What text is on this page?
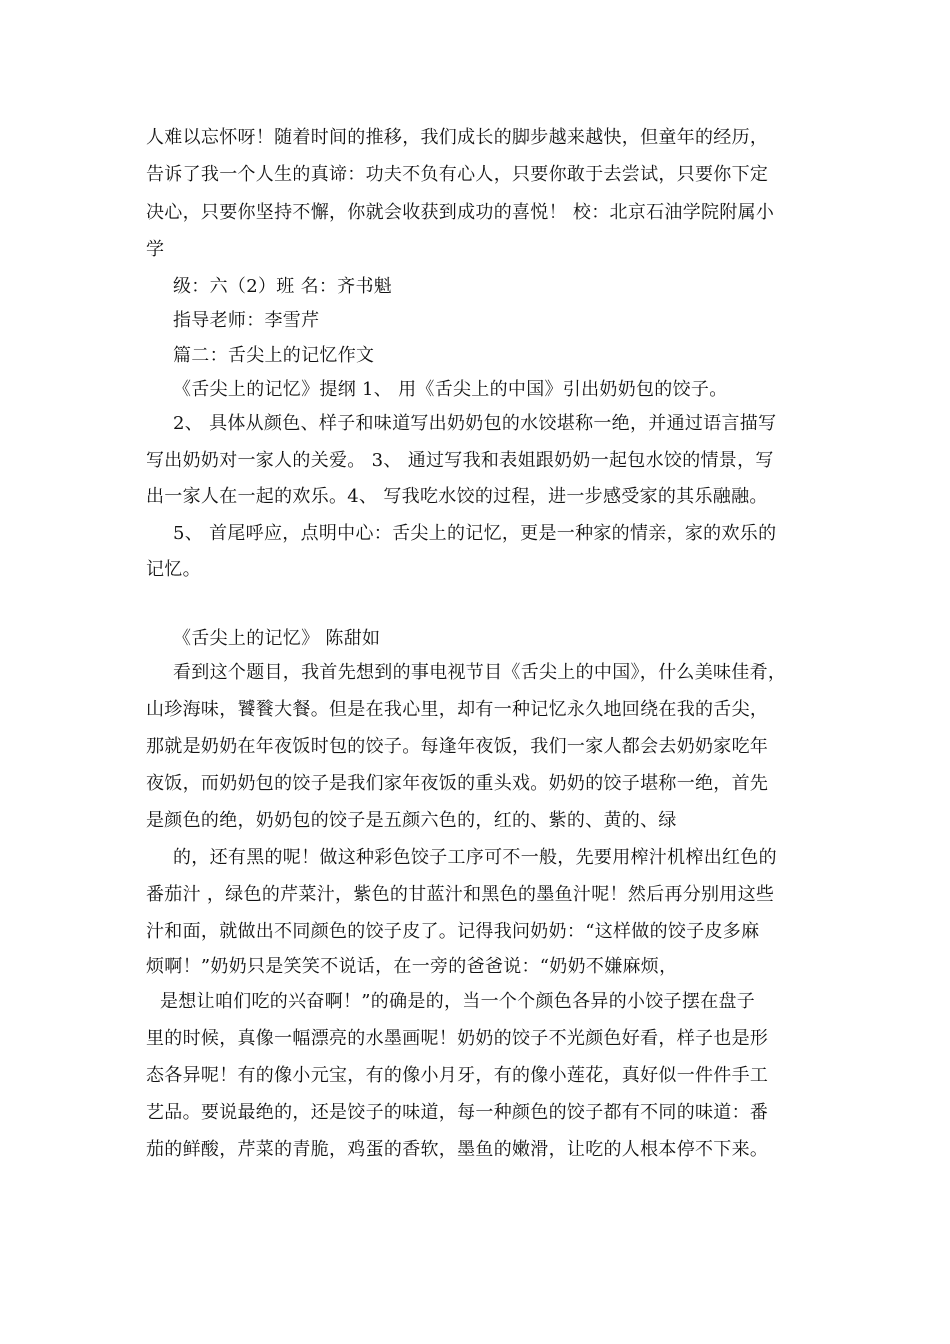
人难以忘怀呀！随着时间的推移，我们成长的脚步越来越快，但童年的经历，
告诉了我一个人生的真谛：功夫不负有心人，只要你敢于去尝试，只要你下定
决心，只要你坚持不懈，你就会收获到成功的喜悦！ 校：北京石油学院附属小
学
级：六（2）班 名：齐书魁
指导老师：李雪芹
篇二：舌尖上的记忆作文
《舌尖上的记忆》提纲 1、 用《舌尖上的中国》引出奶奶包的饺子。
2、 具体从颜色、样子和味道写出奶奶包的水饺堪称一绝，并通过语言描写
写出奶奶对一家人的关爱。 3、 通过写我和表姐跟奶奶一起包水饺的情景，写
出一家人在一起的欢乐。4、 写我吃水饺的过程，进一步感受家的其乐融融。
5、 首尾呼应，点明中心：舌尖上的记忆，更是一种家的情亲，家的欢乐的
记忆。
《舌尖上的记忆》 陈甜如
看到这个题目，我首先想到的事电视节目《舌尖上的中国》，什么美味佳肴，
山珍海味，饕餮大餐。但是在我心里，却有一种记忆永久地回绕在我的舌尖，
那就是奶奶在年夜饭时包的饺子。每逢年夜饭，我们一家人都会去奶奶家吃年
夜饭，而奶奶包的饺子是我们家年夜饭的重头戏。奶奶的饺子堪称一绝，首先
是颜色的绝，奶奶包的饺子是五颜六色的，红的、紫的、黄的、绿
的，还有黑的呢！做这种彩色饺子工序可不一般，先要用榨汁机榨出红色的
番茄汁 ，绿色的芹菜汁，紫色的甘蓝汁和黑色的墨鱼汁呢！然后再分别用这些
汁和面，就做出不同颜色的饺子皮了。记得我问奶奶：“这样做的饺子皮多麻
烦啊！”奶奶只是笑笑不说话，在一旁的爸爸说：“奶奶不嫌麻烦，
是想让咱们吃的兴奋啊！”的确是的，当一个个颜色各异的小饺子摆在盘子
里的时候，真像一幅漂亮的水墨画呢！奶奶的饺子不光颜色好看，样子也是形
态各异呢！有的像小元宝，有的像小月牙，有的像小莲花，真好似一件件手工
艺品。要说最绝的，还是饺子的味道，每一种颜色的饺子都有不同的味道：番
茄的鲜酸，芹菜的青脆，鸡蛋的香软，墨鱼的嫩滑，让吃的人根本停不下来。
